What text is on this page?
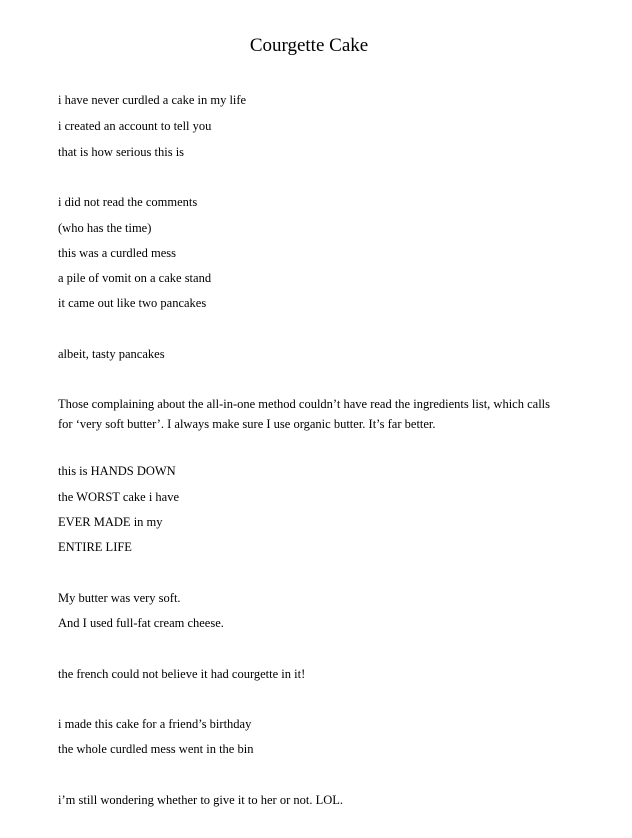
Courgette Cake

i have never curdled a cake in my life

i created an account to tell you

that is how serious this is

i did not read the comments

(who has the time)

this was a curdled mess

a pile of vomit on a cake stand

it came out like two pancakes

albeit, tasty pancakes

Those complaining about the all-in-one method couldn’t have read the ingredients list, which calls for ‘very soft butter’. I always make sure I use organic butter. It’s far better.

this is HANDS DOWN

the WORST cake i have

EVER MADE in my

ENTIRE LIFE

My butter was very soft.

And I used full-fat cream cheese.

the french could not believe it had courgette in it!

i made this cake for a friend’s birthday

the whole curdled mess went in the bin

i’m still wondering whether to give it to her or not. LOL.
